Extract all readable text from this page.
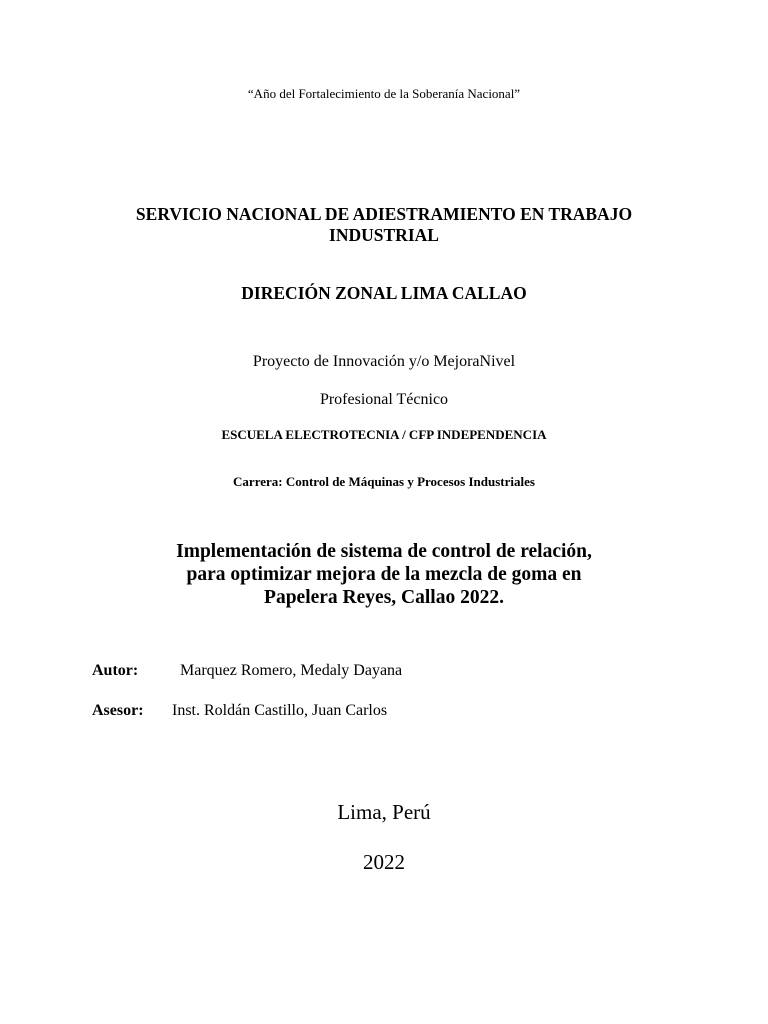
“Año del Fortalecimiento de la Soberanía Nacional”
SERVICIO NACIONAL DE ADIESTRAMIENTO EN TRABAJO
INDUSTRIAL
DIRECIÓN ZONAL LIMA CALLAO
Proyecto de Innovación y/o MejoraNivel
Profesional Técnico
ESCUELA ELECTROTECNIA / CFP INDEPENDENCIA
Carrera: Control de Máquinas y Procesos Industriales
Implementación de sistema de control de relación,
para optimizar mejora de la mezcla de goma en
Papelera Reyes, Callao 2022.
Autor:	Marquez Romero, Medaly Dayana
Asesor: Inst. Roldán Castillo, Juan Carlos
Lima, Perú
2022
